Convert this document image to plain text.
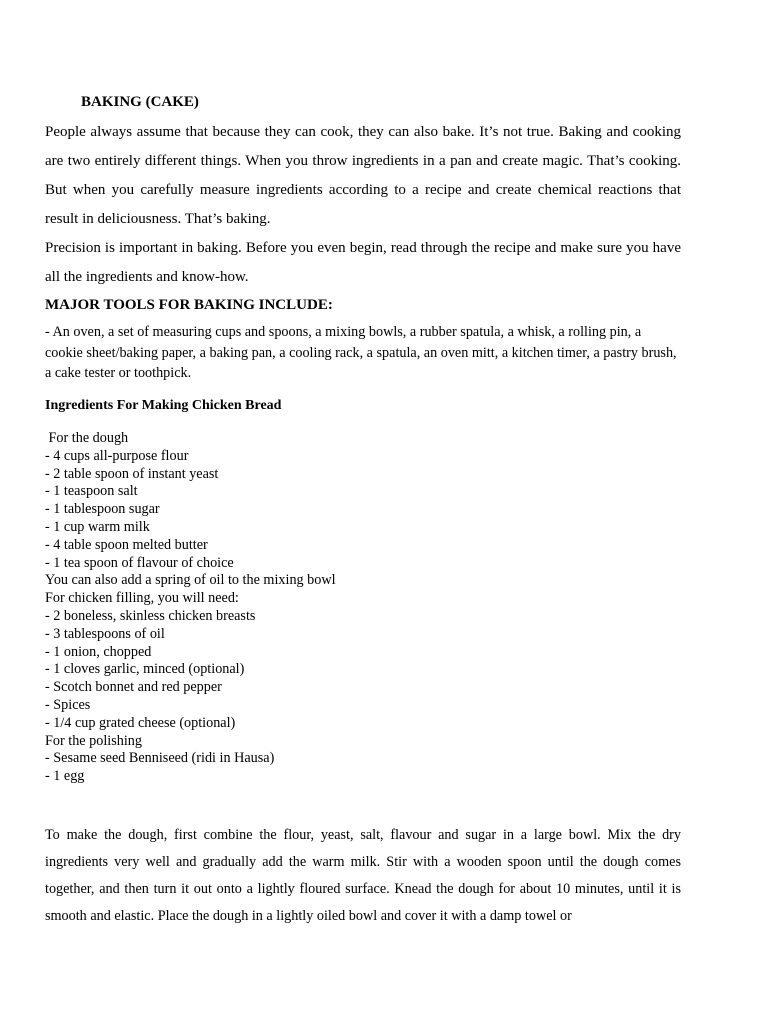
BAKING (CAKE)
People always assume that because they can cook, they can also bake. It’s not true. Baking and cooking are two entirely different things. When you throw ingredients in a pan and create magic. That’s cooking. But when you carefully measure ingredients according to a recipe and create chemical reactions that result in deliciousness. That’s baking.
Precision is important in baking. Before you even begin, read through the recipe and make sure you have all the ingredients and know-how.
MAJOR TOOLS FOR BAKING INCLUDE:
- An oven, a set of measuring cups and spoons, a mixing bowls, a rubber spatula, a whisk, a rolling pin, a cookie sheet/baking paper, a baking pan, a cooling rack, a spatula, an oven mitt, a kitchen timer, a pastry brush, a cake tester or toothpick.
Ingredients For Making Chicken Bread
For the dough
- 4 cups all-purpose flour
- 2 table spoon of instant yeast
- 1 teaspoon salt
- 1 tablespoon sugar
- 1 cup warm milk
- 4 table spoon melted butter
- 1 tea spoon of flavour of choice
You can also add a spring of oil to the mixing bowl
For chicken filling, you will need:
- 2 boneless, skinless chicken breasts
- 3 tablespoons of oil
- 1 onion, chopped
- 1 cloves garlic, minced (optional)
- Scotch bonnet and red pepper
- Spices
- 1/4 cup grated cheese (optional)
For the polishing
- Sesame seed Benniseed (ridi in Hausa)
- 1 egg
To make the dough, first combine the flour, yeast, salt, flavour and sugar in a large bowl. Mix the dry ingredients very well and gradually add the warm milk. Stir with a wooden spoon until the dough comes together, and then turn it out onto a lightly floured surface. Knead the dough for about 10 minutes, until it is smooth and elastic. Place the dough in a lightly oiled bowl and cover it with a damp towel or
